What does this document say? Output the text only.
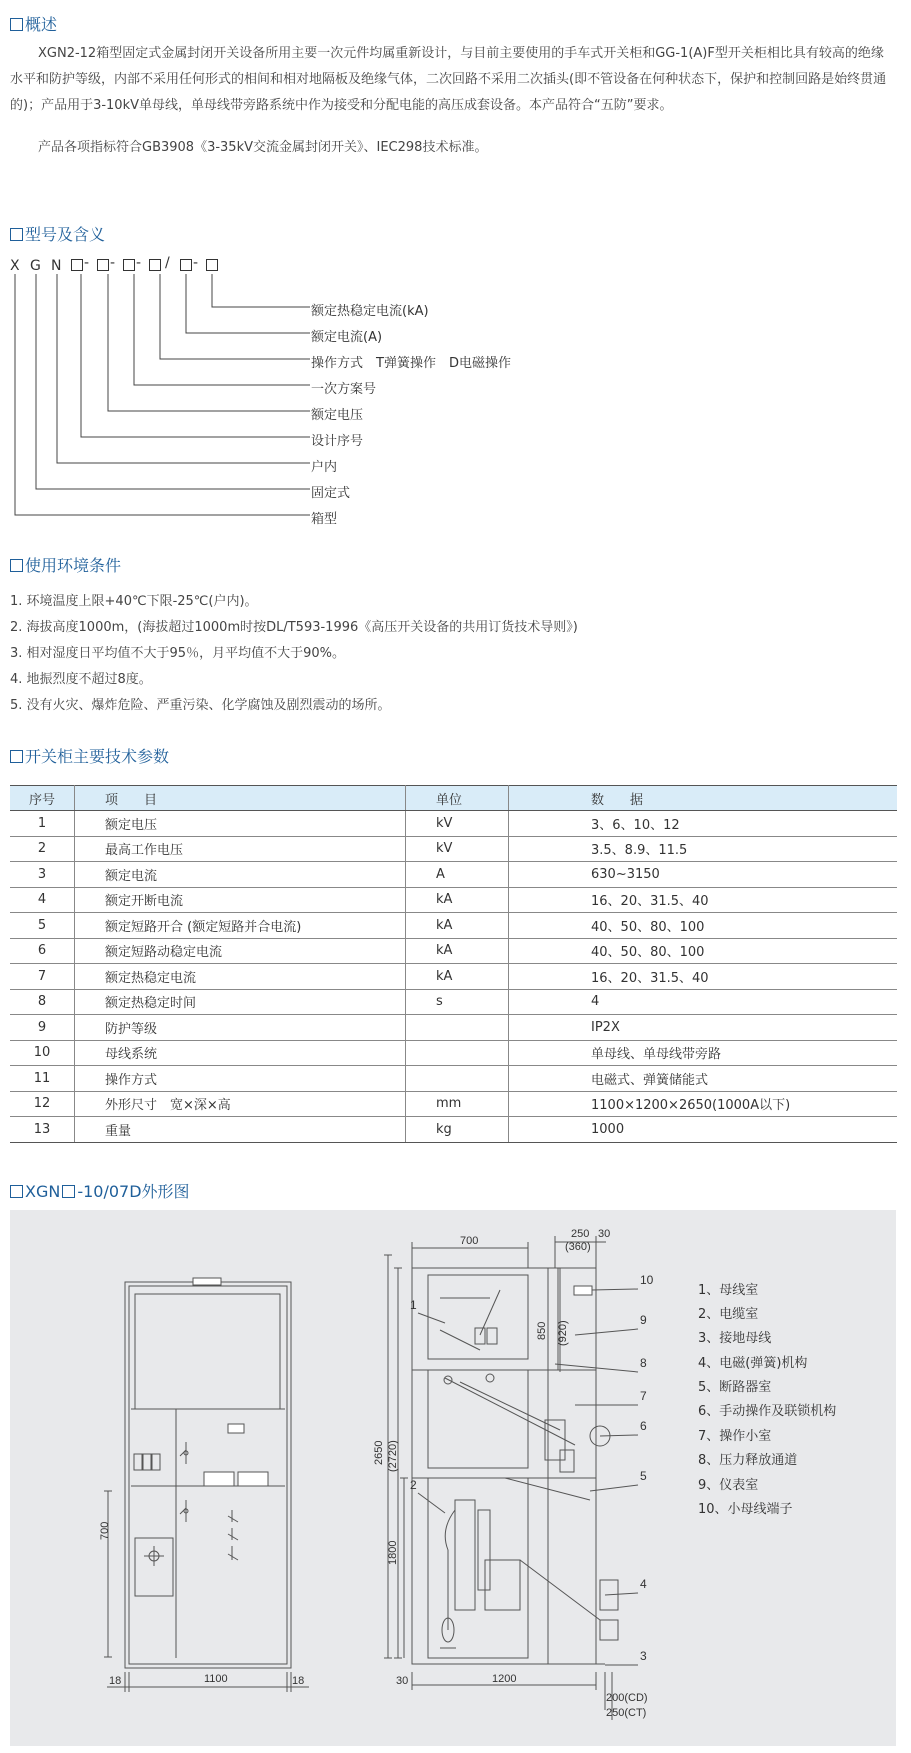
概述
XGN2-12箱型固定式金属封闭开关设备所用主要一次元件均属重新设计，与目前主要使用的手车式开关柜和GG-1(A)F型开关柜相比具有较高的绝缘水平和防护等级，内部不采用任何形式的相间和相对地隔板及绝缘气体，二次回路不采用二次插头(即不管设备在何种状态下，保护和控制回路是始终贯通的)；产品用于3-10kV单母线，单母线带旁路系统中作为接受和分配电能的高压成套设备。本产品符合“五防”要求。
产品各项指标符合GB3908《3-35kV交流金属封闭开关》、IEC298技术标准。
型号及含义
X G N - - - / -
额定热稳定电流(kA)
额定电流(A)
操作方式　T弹簧操作　D电磁操作
一次方案号
额定电压
设计序号
户内
固定式
箱型
使用环境条件
1. 环境温度上限+40℃下限-25℃(户内)。
2. 海拔高度1000m，(海拔超过1000m时按DL/T593-1996《高压开关设备的共用订货技术导则》)
3. 相对湿度日平均值不大于95％，月平均值不大于90%。
4. 地振烈度不超过8度。
5. 没有火灾、爆炸危险、严重污染、化学腐蚀及剧烈震动的场所。
开关柜主要技术参数
序号	项　　目	单位	数　　据
1	额定电压	kV	3、6、10、12
2	最高工作电压	kV	3.5、8.9、11.5
3	额定电流	A	630~3150
4	额定开断电流	kA	16、20、31.5、40
5	额定短路开合 (额定短路并合电流)	kA	40、50、80、100
6	额定短路动稳定电流	kA	40、50、80、100
7	额定热稳定电流	kA	16、20、31.5、40
8	额定热稳定时间	s	4
9	防护等级		IP2X
10	母线系统		单母线、单母线带旁路
11	操作方式		电磁式、弹簧储能式
12	外形尺寸　宽×深×高	mm	1100×1200×2650(1000A以下)
13	重量	kg	1000
XGN -10/07D外形图
700
1100
18	18
700
250 30
(360)
850 (920)
2650 (2720)
1800
1200
30
200(CD)
250(CT)
1
2
3
4
5
6
7
8
9
10
1、母线室
2、电缆室
3、接地母线
4、电磁(弹簧)机构
5、断路器室
6、手动操作及联锁机构
7、操作小室
8、压力释放通道
9、仪表室
10、小母线端子
